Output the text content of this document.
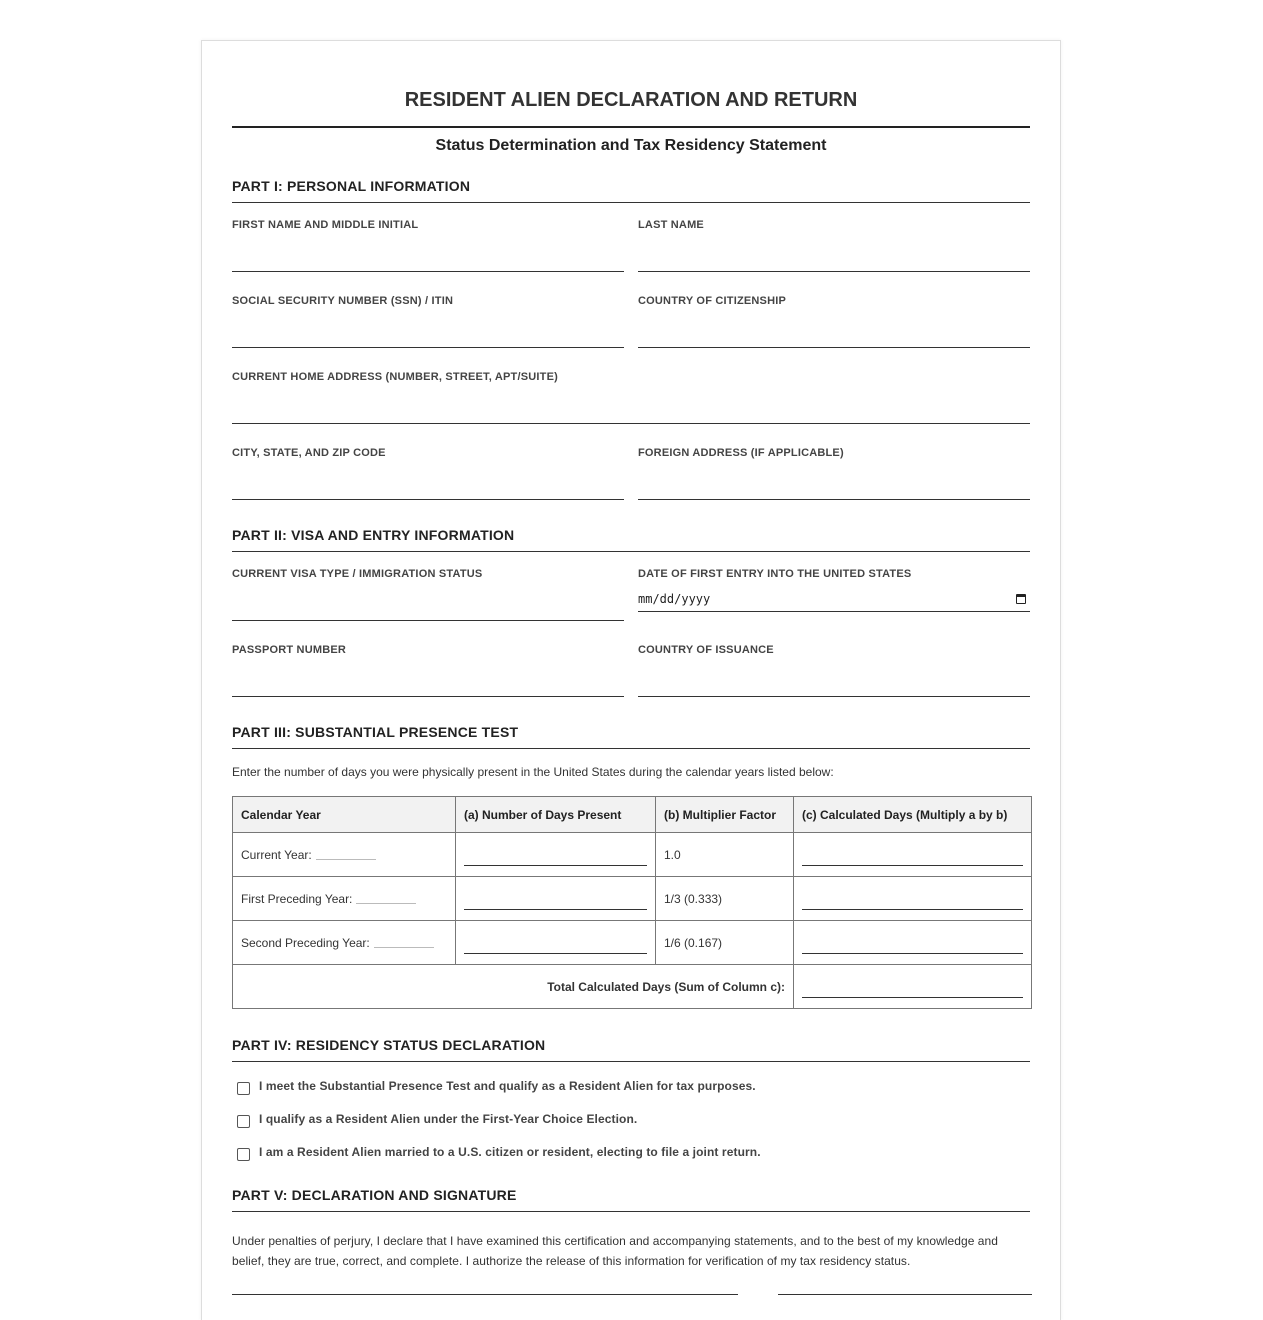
RESIDENT ALIEN DECLARATION AND RETURN
Status Determination and Tax Residency Statement
PART I: PERSONAL INFORMATION
FIRST NAME AND MIDDLE INITIAL	LAST NAME
SOCIAL SECURITY NUMBER (SSN) / ITIN	COUNTRY OF CITIZENSHIP
CURRENT HOME ADDRESS (NUMBER, STREET, APT/SUITE)
CITY, STATE, AND ZIP CODE	FOREIGN ADDRESS (IF APPLICABLE)
PART II: VISA AND ENTRY INFORMATION
CURRENT VISA TYPE / IMMIGRATION STATUS	DATE OF FIRST ENTRY INTO THE UNITED STATES
mm/dd/yyyy
PASSPORT NUMBER	COUNTRY OF ISSUANCE
PART III: SUBSTANTIAL PRESENCE TEST
Enter the number of days you were physically present in the United States during the calendar years listed below:
Calendar Year	(a) Number of Days Present	(b) Multiplier Factor	(c) Calculated Days (Multiply a by b)
Current Year:		1.0	

First Preceding Year:		1/3 (0.333)	

Second Preceding Year:		1/6 (0.167)	

Total Calculated Days (Sum of Column c):			
PART IV: RESIDENCY STATUS DECLARATION
I meet the Substantial Presence Test and qualify as a Resident Alien for tax purposes.
I qualify as a Resident Alien under the First-Year Choice Election.
I am a Resident Alien married to a U.S. citizen or resident, electing to file a joint return.
PART V: DECLARATION AND SIGNATURE
Under penalties of perjury, I declare that I have examined this certification and accompanying statements, and to the best of my knowledge and belief, they are true, correct, and complete. I authorize the release of this information for verification of my tax residency status.
